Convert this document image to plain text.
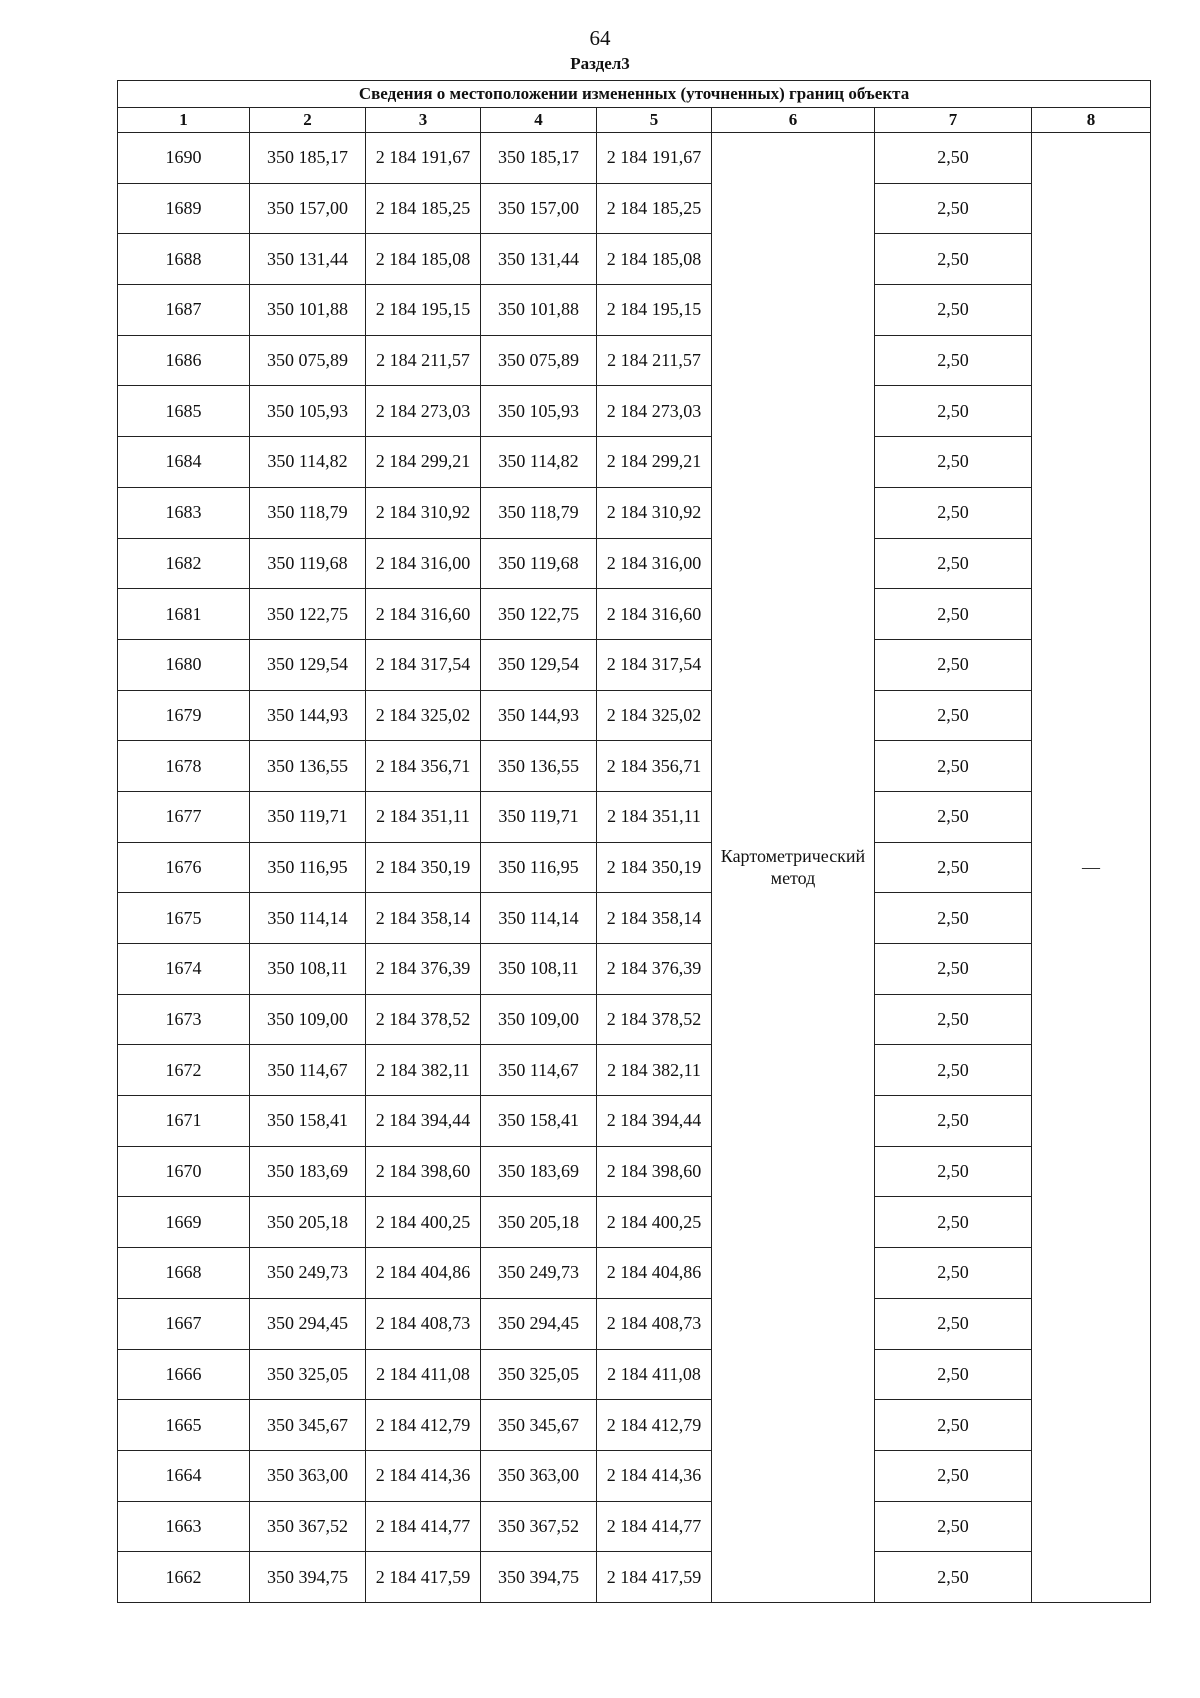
64
Раздел3
Сведения о местоположении измененных (уточненных) границ объекта							
1	2	3	4	5	6	7	8
1690	350 185,17	2 184 191,67	350 185,17	2 184 191,67	Картометрический метод	2,50	—
1689	350 157,00	2 184 185,25	350 157,00	2 184 185,25		2,50	
1688	350 131,44	2 184 185,08	350 131,44	2 184 185,08		2,50	
1687	350 101,88	2 184 195,15	350 101,88	2 184 195,15		2,50	
1686	350 075,89	2 184 211,57	350 075,89	2 184 211,57		2,50	
1685	350 105,93	2 184 273,03	350 105,93	2 184 273,03		2,50	
1684	350 114,82	2 184 299,21	350 114,82	2 184 299,21		2,50	
1683	350 118,79	2 184 310,92	350 118,79	2 184 310,92		2,50	
1682	350 119,68	2 184 316,00	350 119,68	2 184 316,00		2,50	
1681	350 122,75	2 184 316,60	350 122,75	2 184 316,60		2,50	
1680	350 129,54	2 184 317,54	350 129,54	2 184 317,54		2,50	
1679	350 144,93	2 184 325,02	350 144,93	2 184 325,02		2,50	
1678	350 136,55	2 184 356,71	350 136,55	2 184 356,71		2,50	
1677	350 119,71	2 184 351,11	350 119,71	2 184 351,11		2,50	
1676	350 116,95	2 184 350,19	350 116,95	2 184 350,19		2,50	
1675	350 114,14	2 184 358,14	350 114,14	2 184 358,14		2,50	
1674	350 108,11	2 184 376,39	350 108,11	2 184 376,39		2,50	
1673	350 109,00	2 184 378,52	350 109,00	2 184 378,52		2,50	
1672	350 114,67	2 184 382,11	350 114,67	2 184 382,11		2,50	
1671	350 158,41	2 184 394,44	350 158,41	2 184 394,44		2,50	
1670	350 183,69	2 184 398,60	350 183,69	2 184 398,60		2,50	
1669	350 205,18	2 184 400,25	350 205,18	2 184 400,25		2,50	
1668	350 249,73	2 184 404,86	350 249,73	2 184 404,86		2,50	
1667	350 294,45	2 184 408,73	350 294,45	2 184 408,73		2,50	
1666	350 325,05	2 184 411,08	350 325,05	2 184 411,08		2,50	
1665	350 345,67	2 184 412,79	350 345,67	2 184 412,79		2,50	
1664	350 363,00	2 184 414,36	350 363,00	2 184 414,36		2,50	
1663	350 367,52	2 184 414,77	350 367,52	2 184 414,77		2,50	
1662	350 394,75	2 184 417,59	350 394,75	2 184 417,59		2,50	
